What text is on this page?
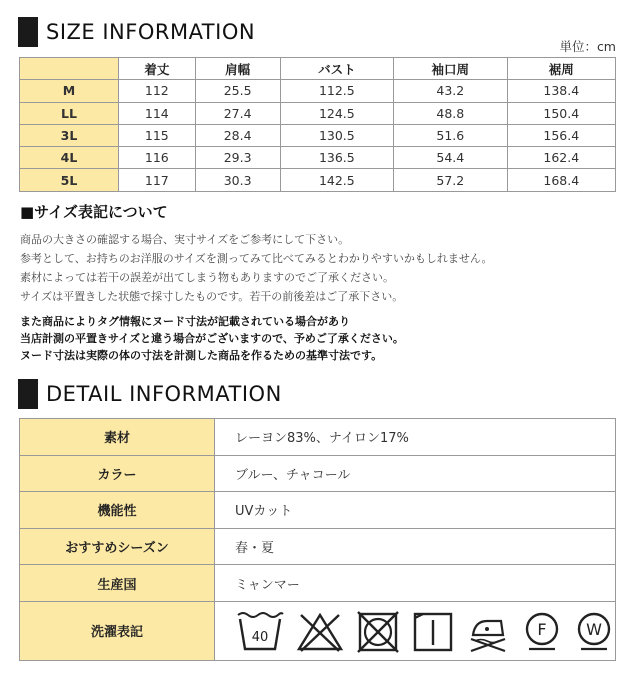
SIZE INFORMATION
単位：cm
	着丈	肩幅	バスト	袖口周	裾周
M	112	25.5	112.5	43.2	138.4
LL	114	27.4	124.5	48.8	150.4
3L	115	28.4	130.5	51.6	156.4
4L	116	29.3	136.5	54.4	162.4
5L	117	30.3	142.5	57.2	168.4
■サイズ表記について
商品の大きさの確認する場合、実寸サイズをご参考にして下さい。
参考として、お持ちのお洋服のサイズを測ってみて比べてみるとわかりやすいかもしれません。
素材によっては若干の誤差が出てしまう物もありますのでご了承ください。
サイズは平置きした状態で採寸したものです。若干の前後差はご了承下さい。
また商品によりタグ情報にヌード寸法が記載されている場合があり
当店計測の平置きサイズと違う場合がございますので、予めご了承ください。
ヌード寸法は実際の体の寸法を計測した商品を作るための基準寸法です。
DETAIL INFORMATION
素材	レーヨン83%、ナイロン17%
カラー	ブルー、チャコール
機能性	UVカット
おすすめシーズン	春・夏
生産国	ミャンマー
洗濯表記	40 F W
